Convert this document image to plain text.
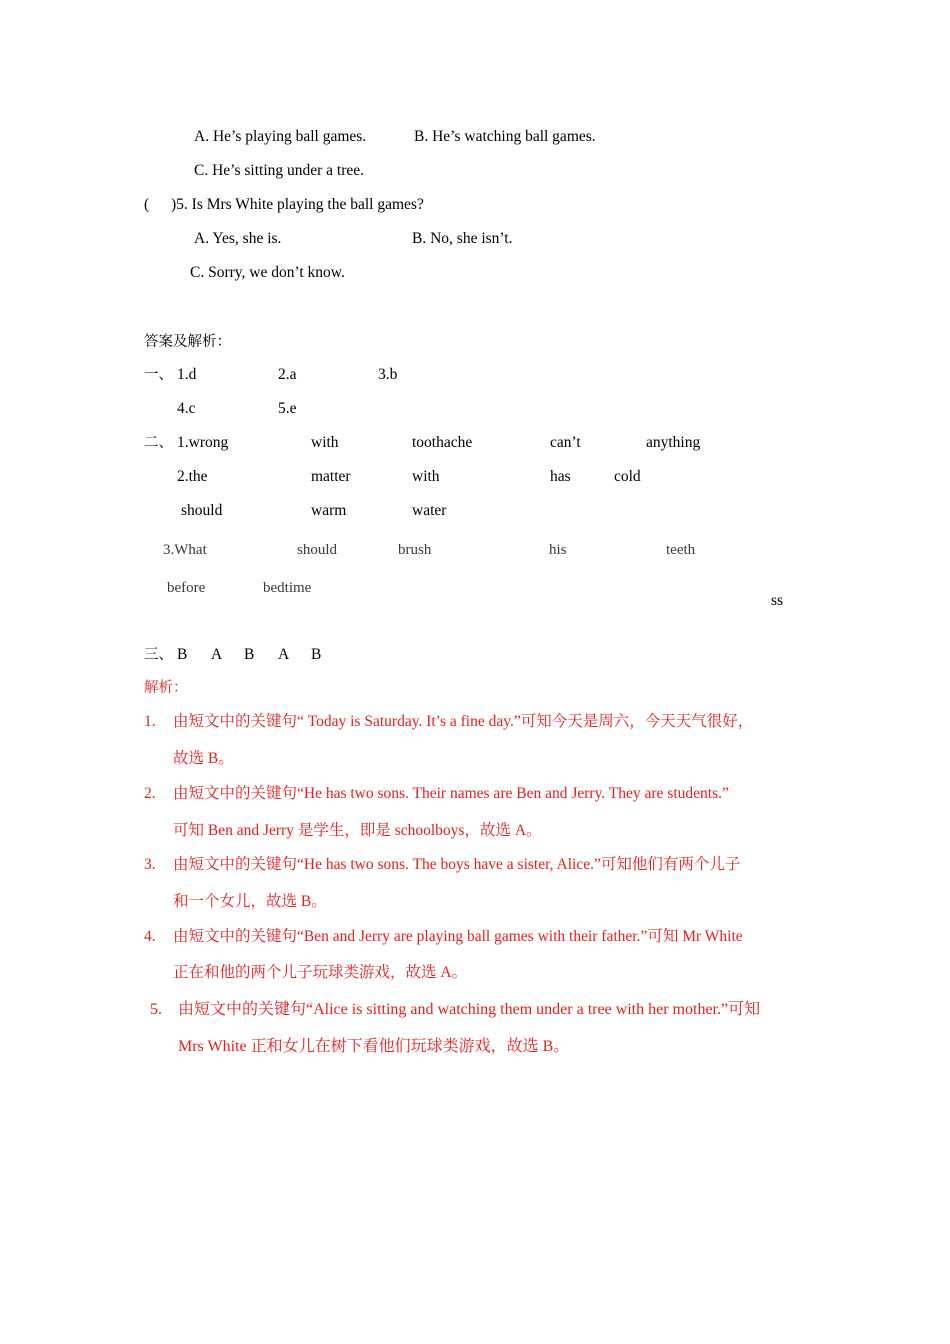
A. He’s playing ball games.	B. He’s watching ball games.
C. He’s sitting under a tree.
( )5. Is Mrs White playing the ball games?
A. Yes, she is.	B. No, she isn’t.
C. Sorry, we don’t know.
答案及解析：
一、 1.d	2.a	3.b
4.c	5.e
二、 1.wrong	with	toothache	can’t	anything
2.the	matter	with	has	cold
should	warm	water
3.What	should	brush	his	teeth
before	bedtime
ss
三、 B A B A B
解析：
1. 由短文中的关键句“ Today is Saturday. It’s a fine day.”可知今天是周六，今天天气很好，
故选 B。
2. 由短文中的关键句“He has two sons. Their names are Ben and Jerry. They are students.”
可知 Ben and Jerry 是学生，即是 schoolboys，故选 A。
3. 由短文中的关键句“He has two sons. The boys have a sister, Alice.”可知他们有两个儿子
和一个女儿，故选 B。
4. 由短文中的关键句“Ben and Jerry are playing ball games with their father.”可知 Mr White
正在和他的两个儿子玩球类游戏，故选 A。
5. 由短文中的关键句“Alice is sitting and watching them under a tree with her mother.”可知
Mrs White 正和女儿在树下看他们玩球类游戏，故选 B。
